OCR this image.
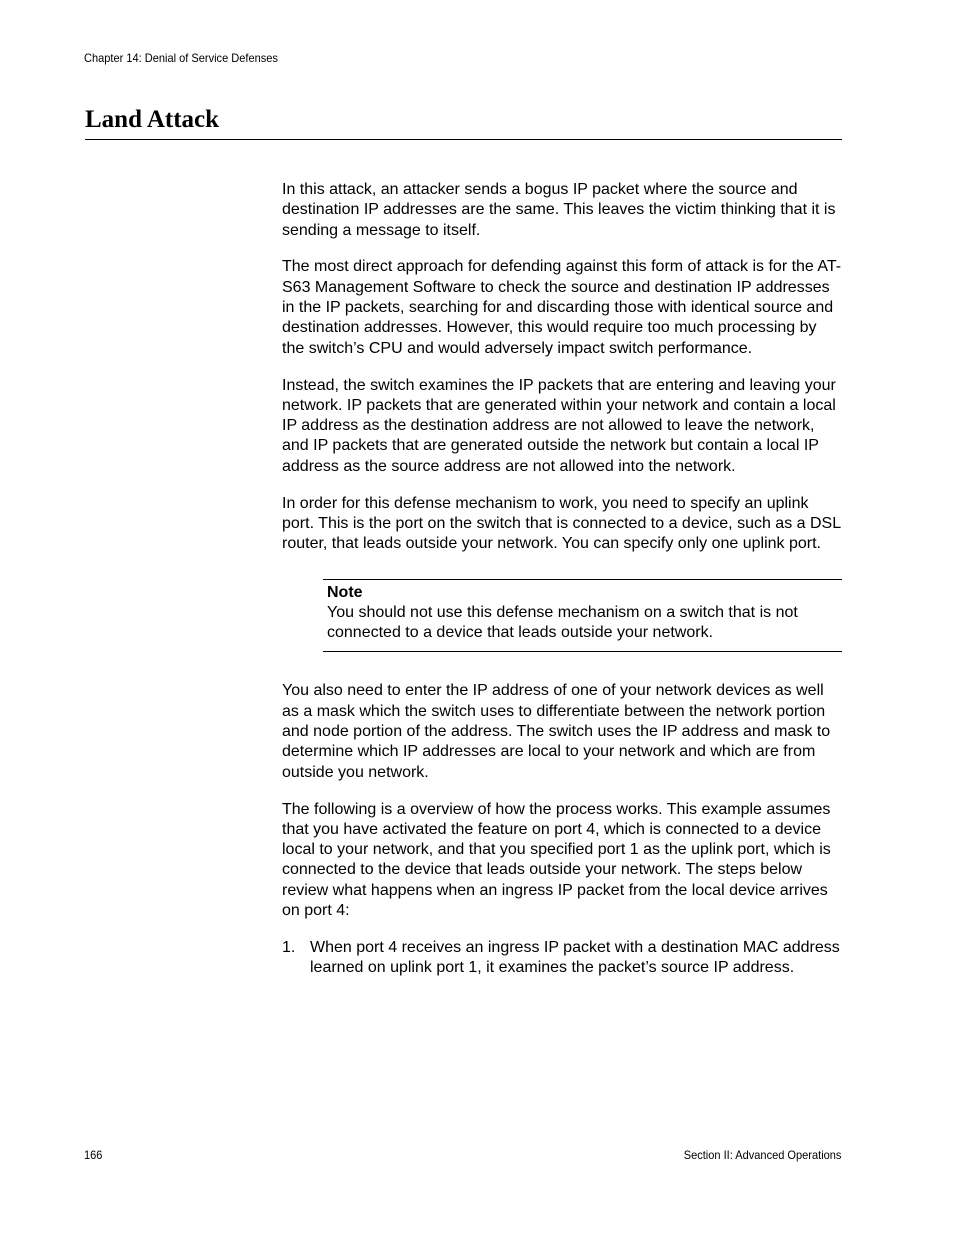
Chapter 14: Denial of Service Defenses
Land Attack

In this attack, an attacker sends a bogus IP packet where the source and destination IP addresses are the same. This leaves the victim thinking that it is sending a message to itself.

The most direct approach for defending against this form of attack is for the AT-S63 Management Software to check the source and destination IP addresses in the IP packets, searching for and discarding those with identical source and destination addresses. However, this would require too much processing by the switch’s CPU and would adversely impact switch performance.

Instead, the switch examines the IP packets that are entering and leaving your network. IP packets that are generated within your network and contain a local IP address as the destination address are not allowed to leave the network, and IP packets that are generated outside the network but contain a local IP address as the source address are not allowed into the network.

In order for this defense mechanism to work, you need to specify an uplink port. This is the port on the switch that is connected to a device, such as a DSL router, that leads outside your network. You can specify only one uplink port.

Note
You should not use this defense mechanism on a switch that is not connected to a device that leads outside your network.

You also need to enter the IP address of one of your network devices as well as a mask which the switch uses to differentiate between the network portion and node portion of the address. The switch uses the IP address and mask to determine which IP addresses are local to your network and which are from outside you network.

The following is a overview of how the process works. This example assumes that you have activated the feature on port 4, which is connected to a device local to your network, and that you specified port 1 as the uplink port, which is connected to the device that leads outside your network. The steps below review what happens when an ingress IP packet from the local device arrives on port 4:

1. When port 4 receives an ingress IP packet with a destination MAC address learned on uplink port 1, it examines the packet’s source IP address.
166	Section II: Advanced Operations
